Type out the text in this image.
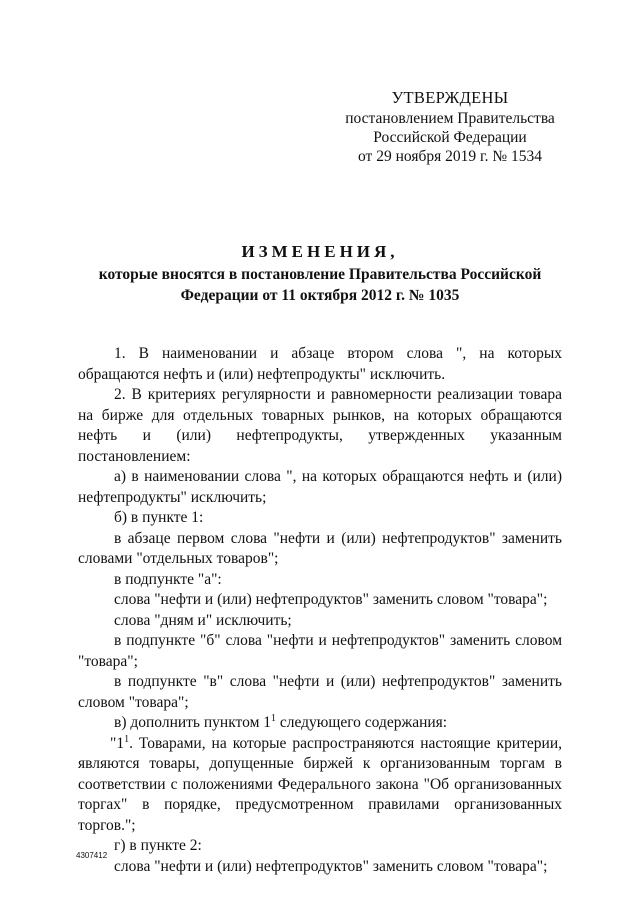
УТВЕРЖДЕНЫ
постановлением Правительства
Российской Федерации
от 29 ноября 2019 г. № 1534
ИЗМЕНЕНИЯ,
которые вносятся в постановление Правительства Российской
Федерации от 11 октября 2012 г. № 1035
1. В наименовании и абзаце втором слова ", на которых обращаются нефть и (или) нефтепродукты" исключить.
2. В критериях регулярности и равномерности реализации товара на бирже для отдельных товарных рынков, на которых обращаются нефть и (или) нефтепродукты, утвержденных указанным постановлением:
а) в наименовании слова ", на которых обращаются нефть и (или) нефтепродукты" исключить;
б) в пункте 1:
в абзаце первом слова "нефти и (или) нефтепродуктов" заменить словами "отдельных товаров";
в подпункте "а":
слова "нефти и (или) нефтепродуктов" заменить словом "товара";
слова "дням и" исключить;
в подпункте "б" слова "нефти и нефтепродуктов" заменить словом "товара";
в подпункте "в" слова "нефти и (или) нефтепродуктов" заменить словом "товара";
в) дополнить пунктом $1^1$ следующего содержания:
"$1^1$. Товарами, на которые распространяются настоящие критерии, являются товары, допущенные биржей к организованным торгам в соответствии с положениями Федерального закона "Об организованных торгах" в порядке, предусмотренном правилами организованных торгов.";
г) в пункте 2:
слова "нефти и (или) нефтепродуктов" заменить словом "товара";
4307412
